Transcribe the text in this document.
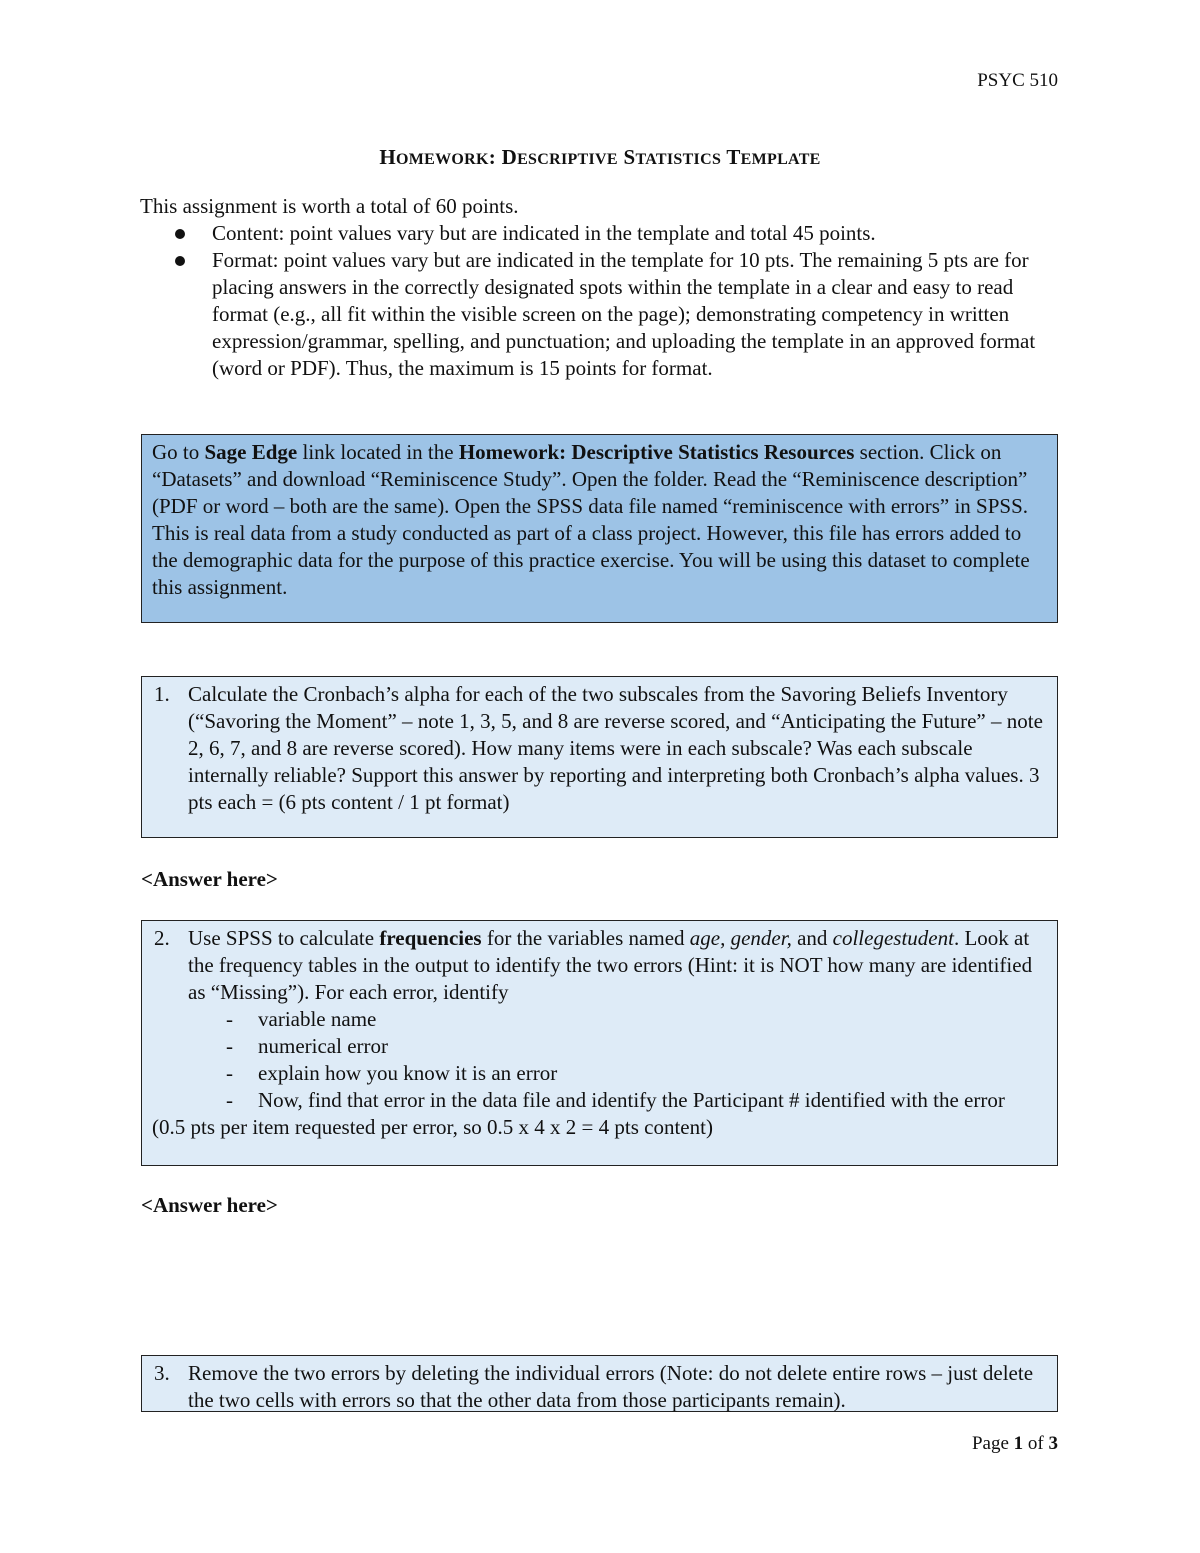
PSYC 510
HOMEWORK: DESCRIPTIVE STATISTICS TEMPLATE
This assignment is worth a total of 60 points.
Content: point values vary but are indicated in the template and total 45 points.
Format: point values vary but are indicated in the template for 10 pts. The remaining 5 pts are for placing answers in the correctly designated spots within the template in a clear and easy to read format (e.g., all fit within the visible screen on the page); demonstrating competency in written expression/grammar, spelling, and punctuation; and uploading the template in an approved format (word or PDF). Thus, the maximum is 15 points for format.
Go to Sage Edge link located in the Homework: Descriptive Statistics Resources section. Click on “Datasets” and download “Reminiscence Study”. Open the folder. Read the “Reminiscence description” (PDF or word – both are the same). Open the SPSS data file named “reminiscence with errors” in SPSS. This is real data from a study conducted as part of a class project. However, this file has errors added to the demographic data for the purpose of this practice exercise. You will be using this dataset to complete this assignment.
1. Calculate the Cronbach’s alpha for each of the two subscales from the Savoring Beliefs Inventory (“Savoring the Moment” – note 1, 3, 5, and 8 are reverse scored, and “Anticipating the Future” – note 2, 6, 7, and 8 are reverse scored). How many items were in each subscale? Was each subscale internally reliable? Support this answer by reporting and interpreting both Cronbach’s alpha values. 3 pts each = (6 pts content / 1 pt format)
<Answer here>
2. Use SPSS to calculate frequencies for the variables named age, gender, and collegestudent. Look at the frequency tables in the output to identify the two errors (Hint: it is NOT how many are identified as “Missing”). For each error, identify
- variable name
- numerical error
- explain how you know it is an error
- Now, find that error in the data file and identify the Participant # identified with the error
(0.5 pts per item requested per error, so 0.5 x 4 x 2 = 4 pts content)
<Answer here>
3. Remove the two errors by deleting the individual errors (Note: do not delete entire rows – just delete the two cells with errors so that the other data from those participants remain).
Page 1 of 3
